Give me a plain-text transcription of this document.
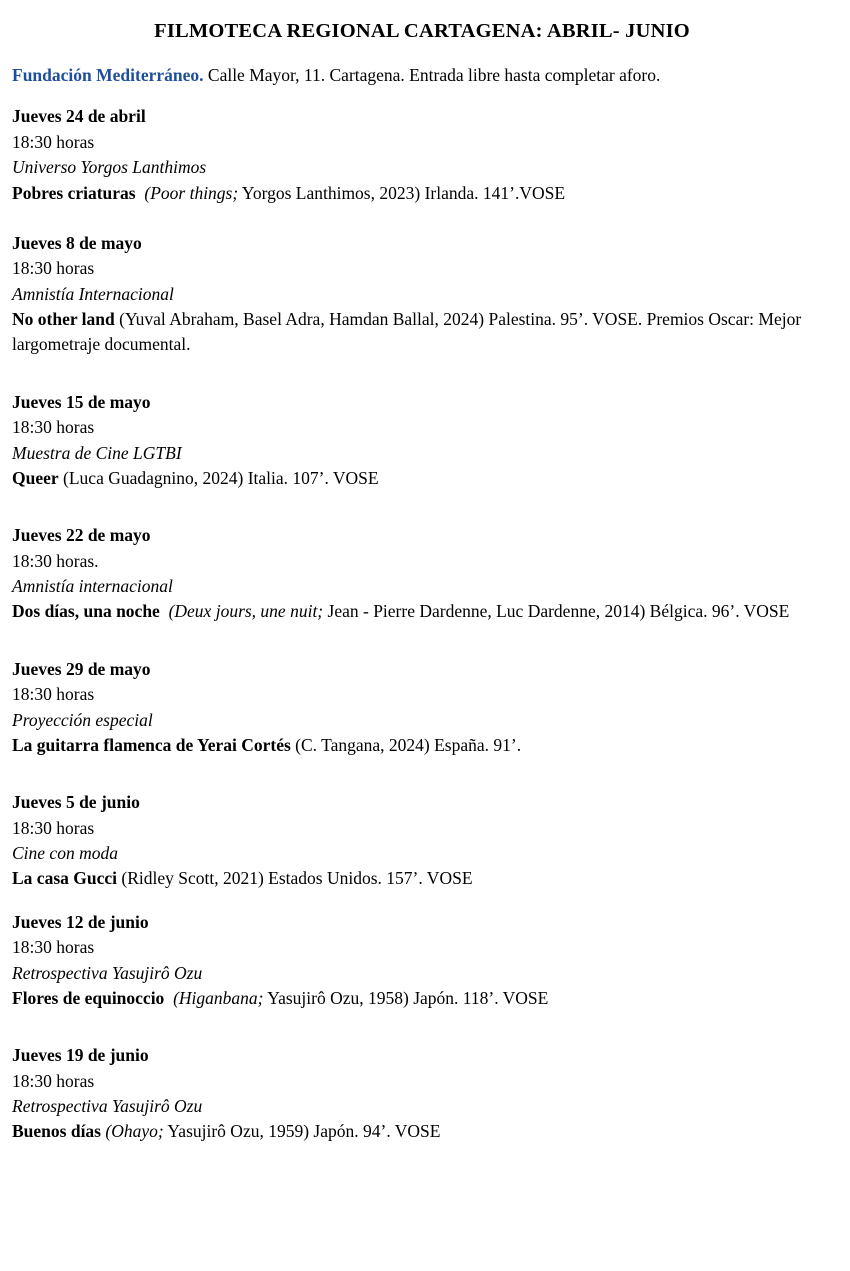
FILMOTECA REGIONAL CARTAGENA: ABRIL- JUNIO

Fundación Mediterráneo. Calle Mayor, 11. Cartagena. Entrada libre hasta completar aforo.

Jueves 24 de abril
18:30 horas
Universo Yorgos Lanthimos
Pobres criaturas (Poor things; Yorgos Lanthimos, 2023) Irlanda. 141’.VOSE
Jueves 8 de mayo
18:30 horas
Amnistía Internacional
No other land (Yuval Abraham, Basel Adra, Hamdan Ballal, 2024) Palestina. 95’. VOSE. Premios Oscar: Mejor largometraje documental.
Jueves 15 de mayo
18:30 horas
Muestra de Cine LGTBI
Queer (Luca Guadagnino, 2024) Italia. 107’. VOSE
Jueves 22 de mayo
18:30 horas.
Amnistía internacional
Dos días, una noche (Deux jours, une nuit; Jean - Pierre Dardenne, Luc Dardenne, 2014) Bélgica. 96’. VOSE
Jueves 29 de mayo
18:30 horas
Proyección especial
La guitarra flamenca de Yerai Cortés (C. Tangana, 2024) España. 91’.
Jueves 5 de junio
18:30 horas
Cine con moda
La casa Gucci (Ridley Scott, 2021) Estados Unidos. 157’. VOSE
Jueves 12 de junio
18:30 horas
Retrospectiva Yasujirô Ozu
Flores de equinoccio (Higanbana; Yasujirô Ozu, 1958) Japón. 118’. VOSE
Jueves 19 de junio
18:30 horas
Retrospectiva Yasujirô Ozu
Buenos días (Ohayo; Yasujirô Ozu, 1959) Japón. 94’. VOSE
